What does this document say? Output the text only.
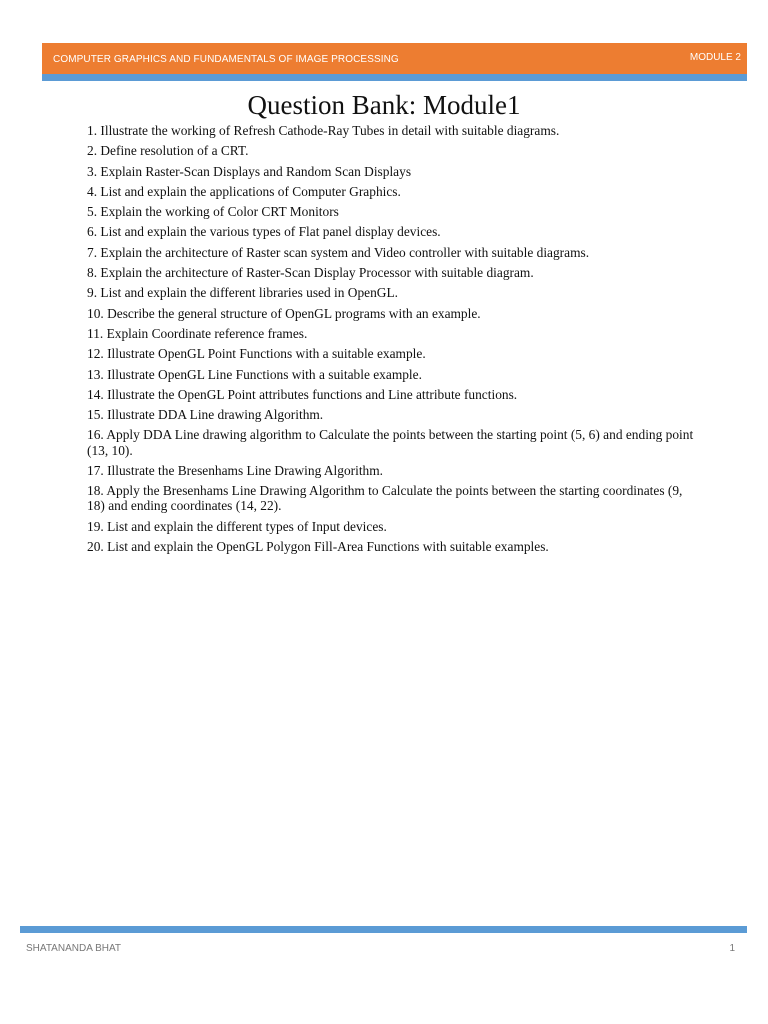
COMPUTER GRAPHICS AND FUNDAMENTALS OF IMAGE PROCESSING	MODULE 2
Question Bank: Module1
1. Illustrate the working of Refresh Cathode-Ray Tubes in detail with suitable diagrams.
2. Define resolution of a CRT.
3. Explain Raster-Scan Displays and Random Scan Displays
4. List and explain the applications of Computer Graphics.
5. Explain the working of Color CRT Monitors
6. List and explain the various types of Flat panel display devices.
7. Explain the architecture of Raster scan system and Video controller with suitable diagrams.
8. Explain the architecture of Raster-Scan Display Processor with suitable diagram.
9. List and explain the different libraries used in OpenGL.
10. Describe the general structure of OpenGL programs with an example.
11. Explain Coordinate reference frames.
12. Illustrate OpenGL Point Functions with a suitable example.
13. Illustrate OpenGL Line Functions with a suitable example.
14. Illustrate the OpenGL Point attributes functions and Line attribute functions.
15. Illustrate DDA Line drawing Algorithm.
16. Apply DDA Line drawing algorithm to Calculate the points between the starting point (5, 6) and ending point (13, 10).
17. Illustrate the Bresenhams Line Drawing Algorithm.
18. Apply the Bresenhams Line Drawing Algorithm to Calculate the points between the starting coordinates (9, 18) and ending coordinates (14, 22).
19. List and explain the different types of Input devices.
20. List and explain the OpenGL Polygon Fill-Area Functions with suitable examples.
SHATANANDA BHAT	1
